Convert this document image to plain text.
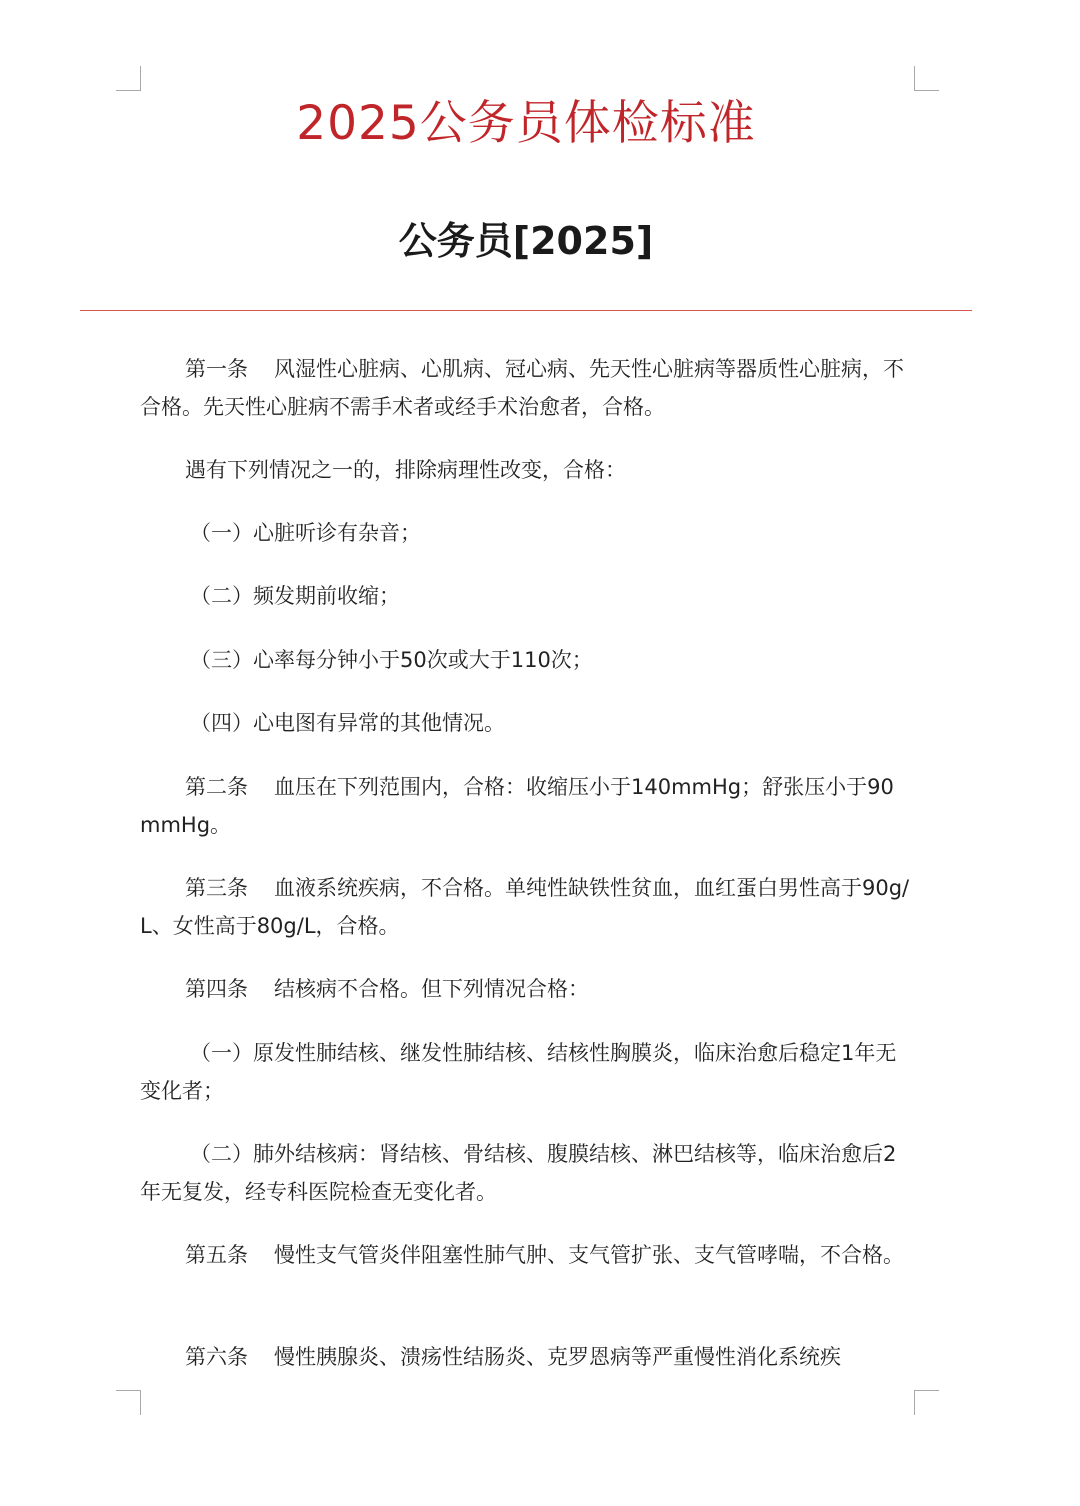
2025公务员体检标准
公务员[2025]

第一条 风湿性心脏病、心肌病、冠心病、先天性心脏病等器质性心脏病，不合格。先天性心脏病不需手术者或经手术治愈者，合格。

遇有下列情况之一的，排除病理性改变，合格：

（一）心脏听诊有杂音；

（二）频发期前收缩；

（三）心率每分钟小于50次或大于110次；

（四）心电图有异常的其他情况。

第二条 血压在下列范围内，合格：收缩压小于140mmHg；舒张压小于90mmHg。

第三条 血液系统疾病，不合格。单纯性缺铁性贫血，血红蛋白男性高于90g/L、女性高于80g/L，合格。

第四条 结核病不合格。但下列情况合格：

（一）原发性肺结核、继发性肺结核、结核性胸膜炎，临床治愈后稳定1年无变化者；

（二）肺外结核病：肾结核、骨结核、腹膜结核、淋巴结核等，临床治愈后2年无复发，经专科医院检查无变化者。

第五条 慢性支气管炎伴阻塞性肺气肿、支气管扩张、支气管哮喘，不合格。

第六条 慢性胰腺炎、溃疡性结肠炎、克罗恩病等严重慢性消化系统疾
